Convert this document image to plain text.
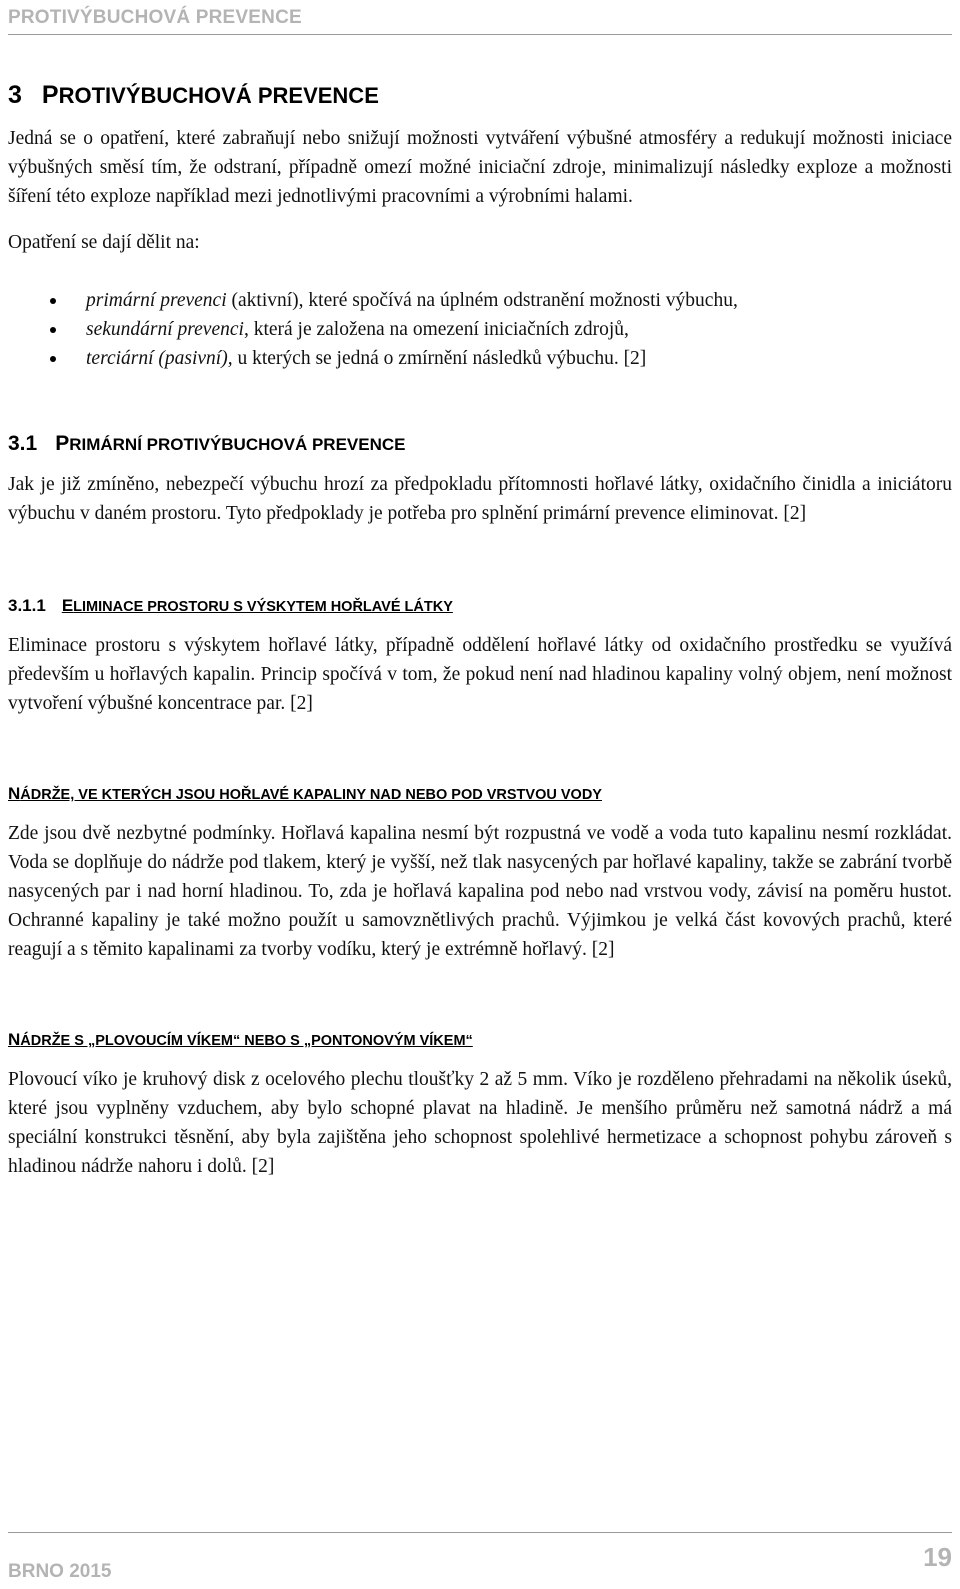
PROTIVÝBUCHOVÁ PREVENCE

3 PROTIVÝBUCHOVÁ PREVENCE

Jedná se o opatření, které zabraňují nebo snižují možnosti vytváření výbušné atmosféry a redukují možnosti iniciace výbušných směsí tím, že odstraní, případně omezí možné iniciační zdroje, minimalizují následky exploze a možnosti šíření této exploze například mezi jednotlivými pracovními a výrobními halami.

Opatření se dají dělit na:

primární prevenci (aktivní), které spočívá na úplném odstranění možnosti výbuchu,
sekundární prevenci, která je založena na omezení iniciačních zdrojů,
terciární (pasivní), u kterých se jedná o zmírnění následků výbuchu. [2]
3.1 PRIMÁRNÍ PROTIVÝBUCHOVÁ PREVENCE

Jak je již zmíněno, nebezpečí výbuchu hrozí za předpokladu přítomnosti hořlavé látky, oxidačního činidla a iniciátoru výbuchu v daném prostoru. Tyto předpoklady je potřeba pro splnění primární prevence eliminovat. [2]

3.1.1 ELIMINACE PROSTORU S VÝSKYTEM HOŘLAVÉ LÁTKY

Eliminace prostoru s výskytem hořlavé látky, případně oddělení hořlavé látky od oxidačního prostředku se využívá především u hořlavých kapalin. Princip spočívá v tom, že pokud není nad hladinou kapaliny volný objem, není možnost vytvoření výbušné koncentrace par. [2]

NÁDRŽE, VE KTERÝCH JSOU HOŘLAVÉ KAPALINY NAD NEBO POD VRSTVOU VODY

Zde jsou dvě nezbytné podmínky. Hořlavá kapalina nesmí být rozpustná ve vodě a voda tuto kapalinu nesmí rozkládat. Voda se doplňuje do nádrže pod tlakem, který je vyšší, než tlak nasycených par hořlavé kapaliny, takže se zabrání tvorbě nasycených par i nad horní hladinou. To, zda je hořlavá kapalina pod nebo nad vrstvou vody, závisí na poměru hustot. Ochranné kapaliny je také možno použít u samovznětlivých prachů. Výjimkou je velká část kovových prachů, které reagují a s těmito kapalinami za tvorby vodíku, který je extrémně hořlavý. [2]

NÁDRŽE S „PLOVOUCÍM VÍKEM“ NEBO S „PONTONOVÝM VÍKEM“

Plovoucí víko je kruhový disk z ocelového plechu tloušťky 2 až 5 mm. Víko je rozděleno přehradami na několik úseků, které jsou vyplněny vzduchem, aby bylo schopné plavat na hladině. Je menšího průměru než samotná nádrž a má speciální konstrukci těsnění, aby byla zajištěna jeho schopnost spolehlivé hermetizace a schopnost pohybu zároveň s hladinou nádrže nahoru i dolů. [2]

BRNO 2015	19
